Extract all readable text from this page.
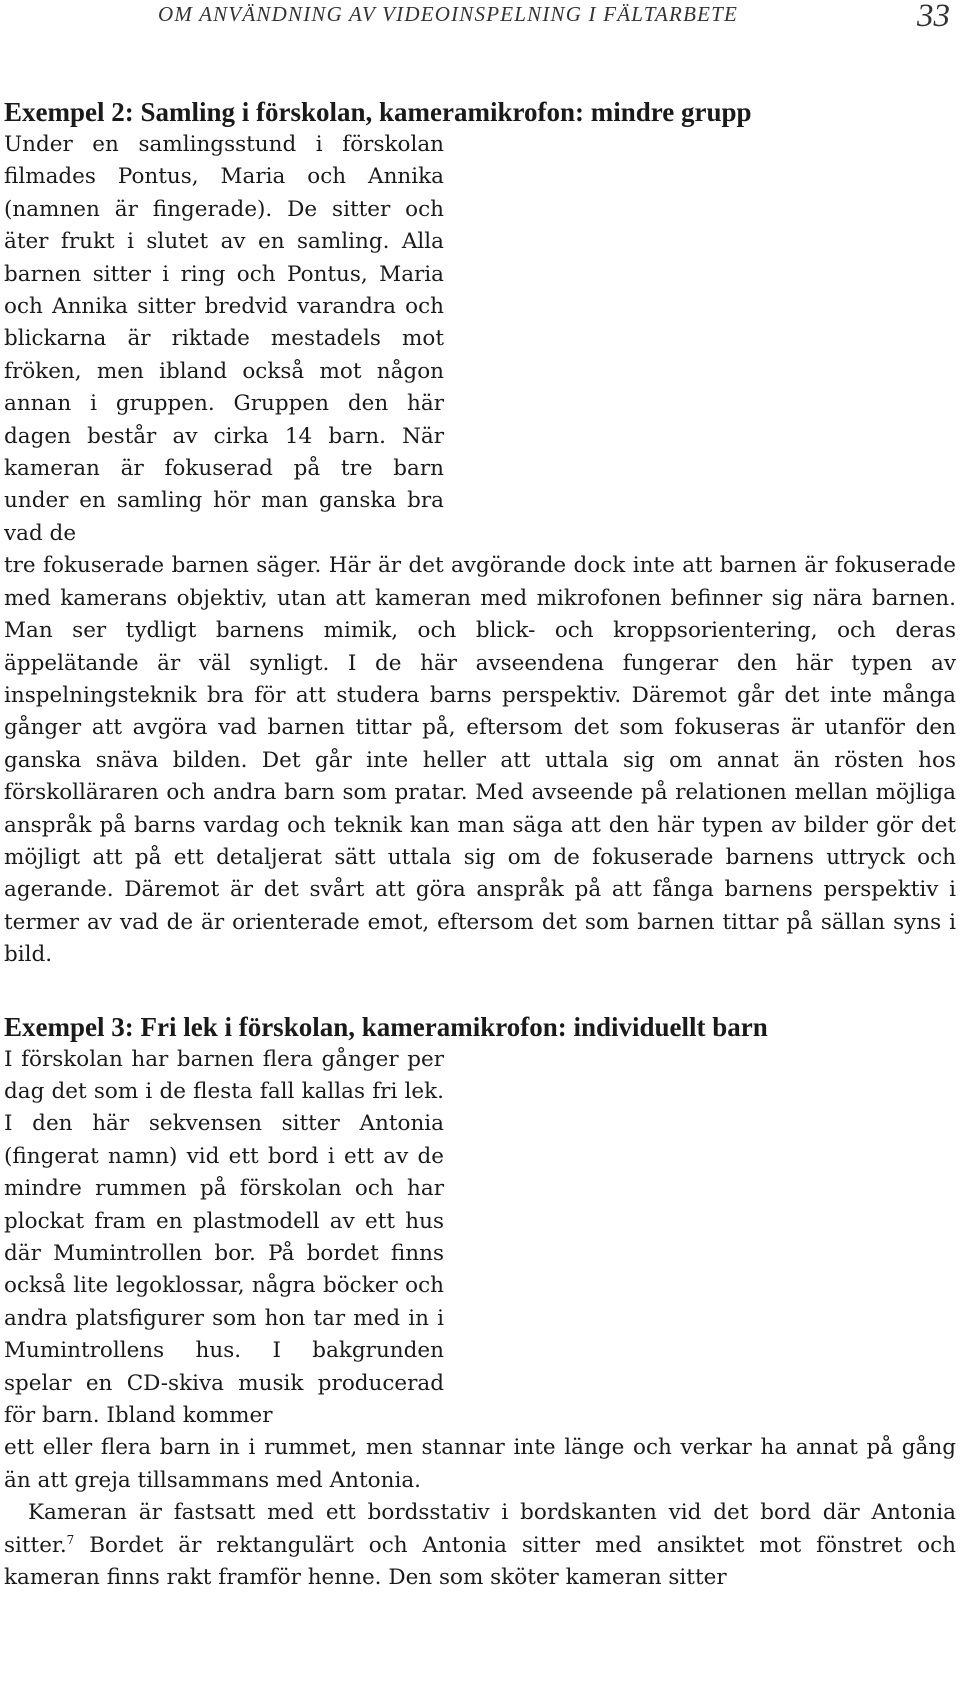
OM ANVÄNDNING AV VIDEOINSPELNING I FÄLTARBETE	33
Exempel 2: Samling i förskolan, kameramikrofon: mindre grupp

Under en samlingsstund i förskolan filmades Pontus, Maria och Annika (namnen är fingerade). De sitter och äter frukt i slutet av en samling. Alla barnen sitter i ring och Pontus, Maria och Annika sitter bredvid varandra och blickarna är riktade mestadels mot fröken, men ibland också mot någon annan i gruppen. Gruppen den här dagen består av cirka 14 barn. När kameran är fokuserad på tre barn under en samling hör man ganska bra vad de

tre fokuserade barnen säger. Här är det avgörande dock inte att barnen är fokuserade med kamerans objektiv, utan att kameran med mikrofonen befinner sig nära barnen. Man ser tydligt barnens mimik, och blick- och kroppsorientering, och deras äppelätande är väl synligt. I de här avseendena fungerar den här typen av inspelningsteknik bra för att studera barns perspektiv. Däremot går det inte många gånger att avgöra vad barnen tittar på, eftersom det som fokuseras är utanför den ganska snäva bilden. Det går inte heller att uttala sig om annat än rösten hos förskolläraren och andra barn som pratar. Med avseende på relationen mellan möjliga anspråk på barns vardag och teknik kan man säga att den här typen av bilder gör det möjligt att på ett detaljerat sätt uttala sig om de fokuserade barnens uttryck och agerande. Däremot är det svårt att göra anspråk på att fånga barnens perspektiv i termer av vad de är orienterade emot, eftersom det som barnen tittar på sällan syns i bild.

Exempel 3: Fri lek i förskolan, kameramikrofon: individuellt barn

I förskolan har barnen flera gånger per dag det som i de flesta fall kallas fri lek. I den här sekvensen sitter Antonia (fingerat namn) vid ett bord i ett av de mindre rummen på förskolan och har plockat fram en plastmodell av ett hus där Mumintrollen bor. På bordet finns också lite legoklossar, några böcker och andra platsfigurer som hon tar med in i Mumintrollens hus. I bakgrunden spelar en CD-skiva musik producerad för barn. Ibland kommer

ett eller flera barn in i rummet, men stannar inte länge och verkar ha annat på gång än att greja tillsammans med Antonia.

Kameran är fastsatt med ett bordsstativ i bordskanten vid det bord där Antonia sitter.$^7$ Bordet är rektangulärt och Antonia sitter med ansiktet mot fönstret och kameran finns rakt framför henne. Den som sköter kameran sitter
